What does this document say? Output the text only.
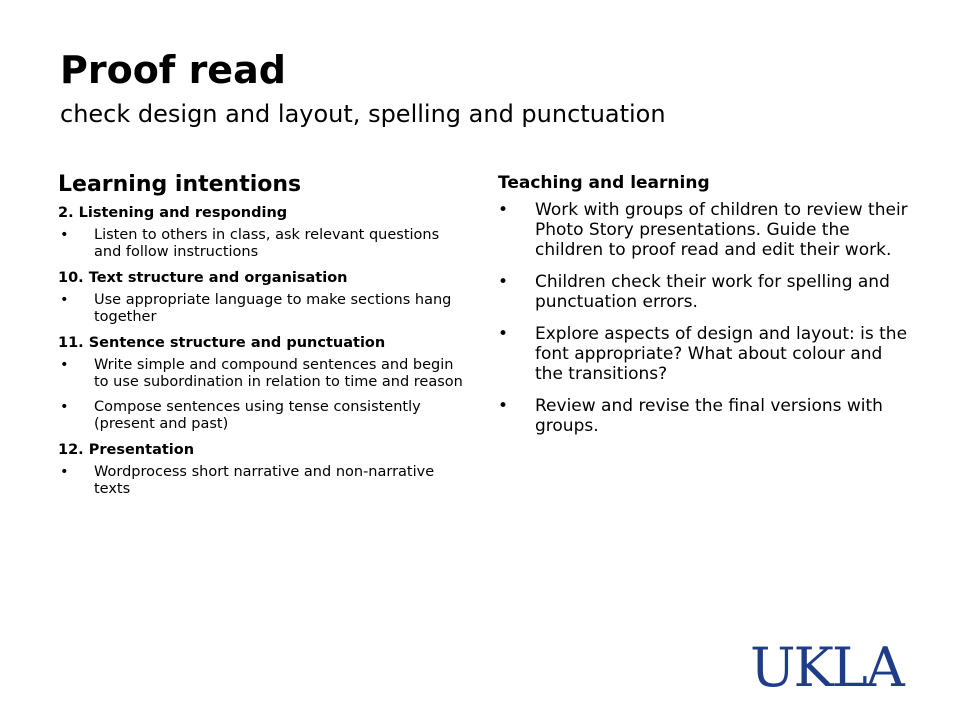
Proof read
check design and layout, spelling and punctuation
Learning intentions
2. Listening and responding
• Listen to others in class, ask relevant questions and follow instructions
10. Text structure and organisation
• Use appropriate language to make sections hang together
11. Sentence structure and punctuation
• Write simple and compound sentences and begin to use subordination in relation to time and reason
• Compose sentences using tense consistently (present and past)
12. Presentation
• Wordprocess short narrative and non-narrative texts
Teaching and learning
• Work with groups of children to review their Photo Story presentations. Guide the children to proof read and edit their work.
• Children check their work for spelling and punctuation errors.
• Explore aspects of design and layout: is the font appropriate? What about colour and the transitions?
• Review and revise the final versions with groups.
UKLA
